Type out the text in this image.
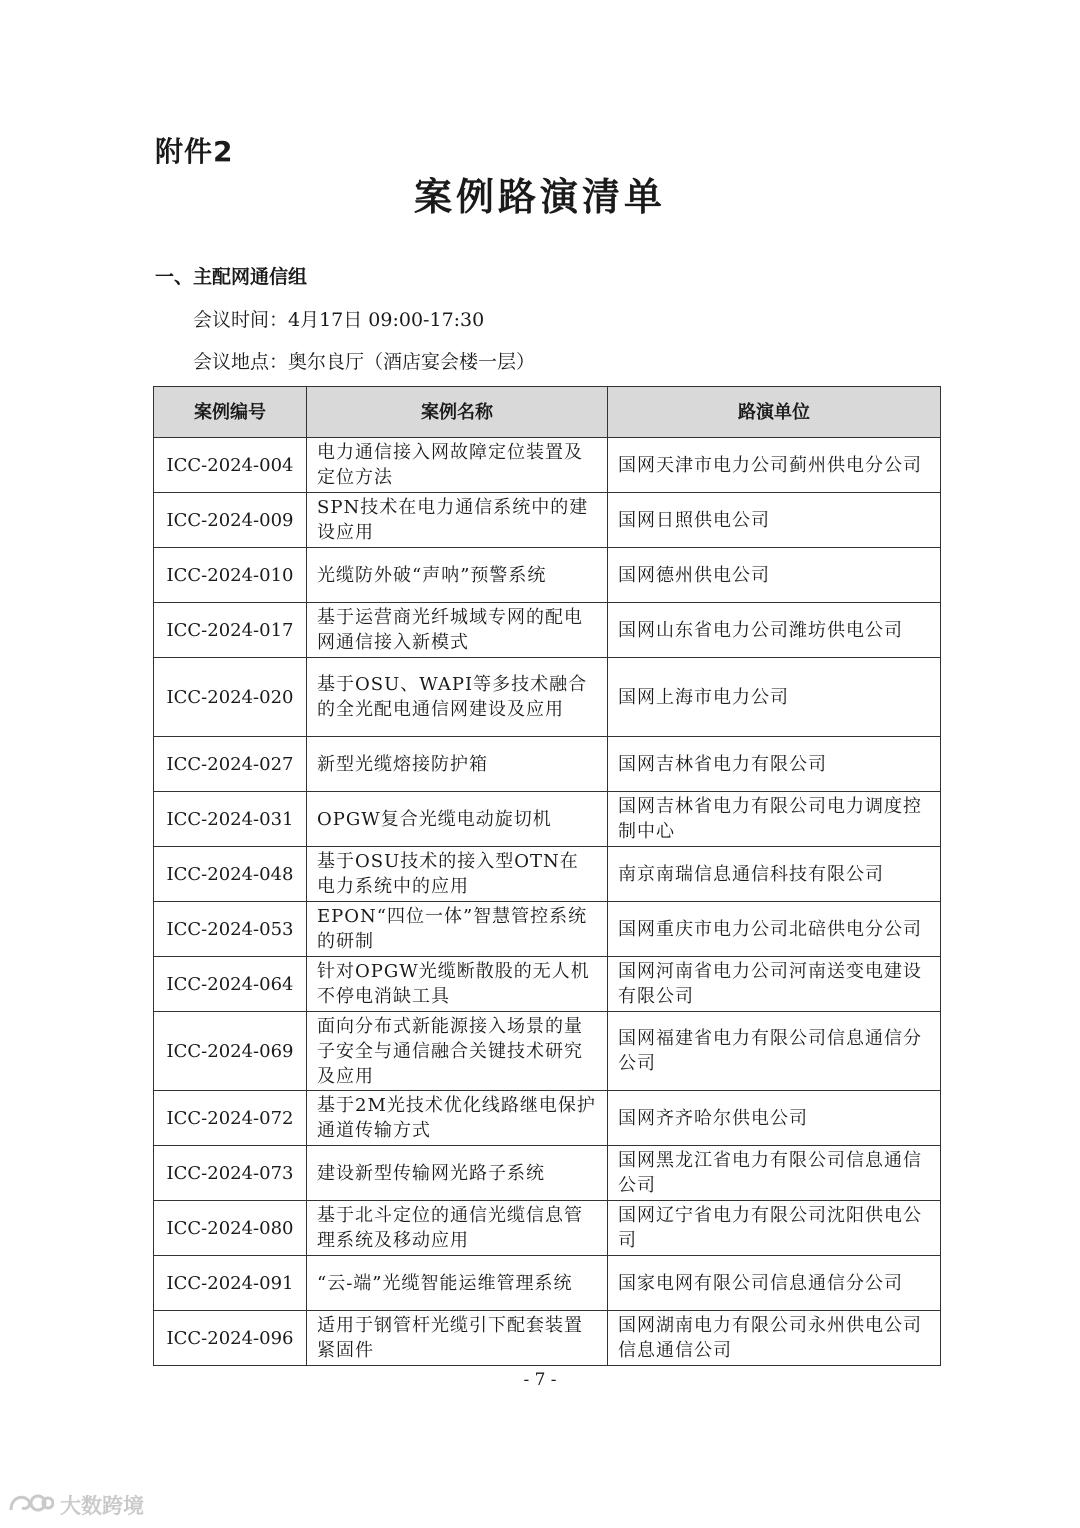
附件2
案例路演清单
一、主配网通信组
会议时间：4月17日 09:00-17:30
会议地点：奥尔良厅（酒店宴会楼一层）
案例编号	案例名称	路演单位
ICC-2024-004	电力通信接入网故障定位装置及定位方法	国网天津市电力公司蓟州供电分公司
ICC-2024-009	SPN技术在电力通信系统中的建设应用	国网日照供电公司
ICC-2024-010	光缆防外破“声呐”预警系统	国网德州供电公司
ICC-2024-017	基于运营商光纤城域专网的配电网通信接入新模式	国网山东省电力公司潍坊供电公司
ICC-2024-020	基于OSU、WAPI等多技术融合的全光配电通信网建设及应用	国网上海市电力公司
ICC-2024-027	新型光缆熔接防护箱	国网吉林省电力有限公司
ICC-2024-031	OPGW复合光缆电动旋切机	国网吉林省电力有限公司电力调度控制中心
ICC-2024-048	基于OSU技术的接入型OTN在电力系统中的应用	南京南瑞信息通信科技有限公司
ICC-2024-053	EPON“四位一体”智慧管控系统的研制	国网重庆市电力公司北碚供电分公司
ICC-2024-064	针对OPGW光缆断散股的无人机不停电消缺工具	国网河南省电力公司河南送变电建设有限公司
ICC-2024-069	面向分布式新能源接入场景的量子安全与通信融合关键技术研究及应用	国网福建省电力有限公司信息通信分公司
ICC-2024-072	基于2M光技术优化线路继电保护通道传输方式	国网齐齐哈尔供电公司
ICC-2024-073	建设新型传输网光路子系统	国网黑龙江省电力有限公司信息通信公司
ICC-2024-080	基于北斗定位的通信光缆信息管理系统及移动应用	国网辽宁省电力有限公司沈阳供电公司
ICC-2024-091	“云-端”光缆智能运维管理系统	国家电网有限公司信息通信分公司
ICC-2024-096	适用于钢管杆光缆引下配套装置紧固件	国网湖南电力有限公司永州供电公司信息通信公司
- 7 -
大数跨境
